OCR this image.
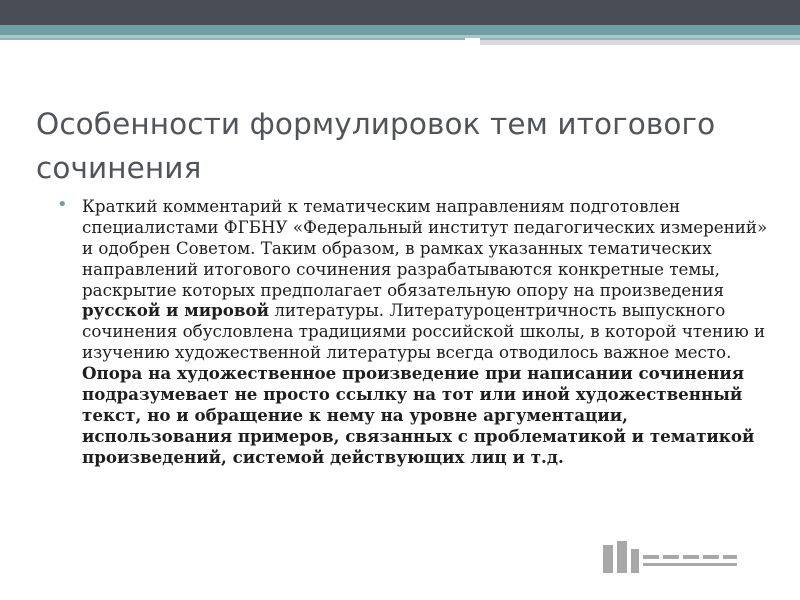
Особенности формулировок тем итогового сочинения
• Краткий комментарий к тематическим направлениям подготовлен специалистами ФГБНУ «Федеральный институт педагогических измерений» и одобрен Советом. Таким образом, в рамках указанных тематических направлений итогового сочинения разрабатываются конкретные темы, раскрытие которых предполагает обязательную опору на произведения русской и мировой литературы. Литературоцентричность выпускного сочинения обусловлена традициями российской школы, в которой чтению и изучению художественной литературы всегда отводилось важное место. Опора на художественное произведение при написании сочинения подразумевает не просто ссылку на тот или иной художественный текст, но и обращение к нему на уровне аргументации, использования примеров, связанных с проблематикой и тематикой произведений, системой действующих лиц и т.д.
